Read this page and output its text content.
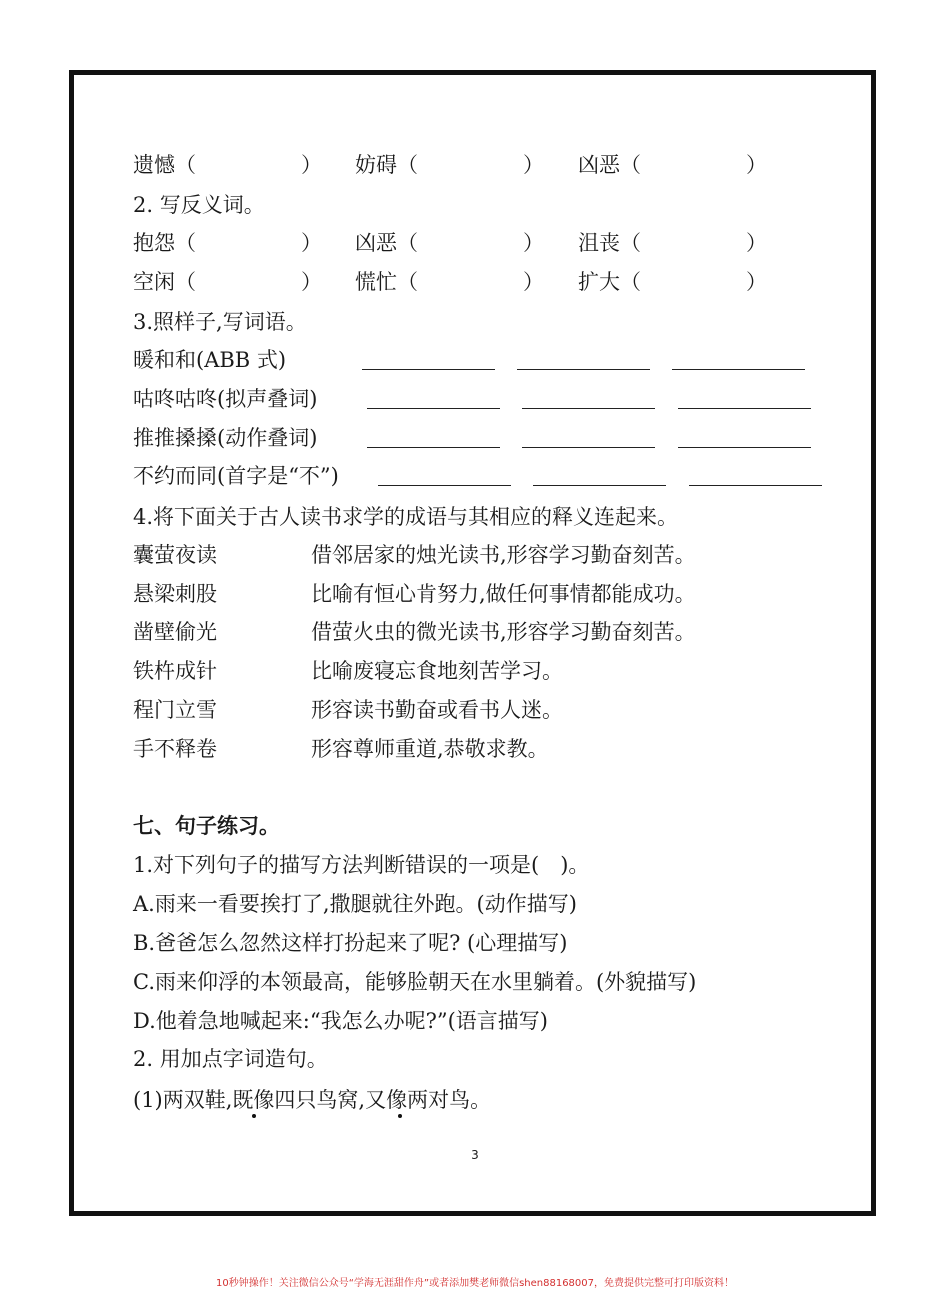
遗憾（　　　　　） 妨碍（　　　　　） 凶恶（　　　　　）
2. 写反义词。
抱怨（　　　　　） 凶恶（　　　　　） 沮丧（　　　　　）
空闲（　　　　　） 慌忙（　　　　　） 扩大（　　　　　）
3.照样子,写词语。
暖和和(ABB 式)
咕咚咕咚(拟声叠词)
推推搡搡(动作叠词)
不约而同(首字是“不”)
4.将下面关于古人读书求学的成语与其相应的释义连起来。
囊萤夜读	借邻居家的烛光读书,形容学习勤奋刻苦。
悬梁刺股	比喻有恒心肯努力,做任何事情都能成功。
凿壁偷光	借萤火虫的微光读书,形容学习勤奋刻苦。
铁杵成针	比喻废寝忘食地刻苦学习。
程门立雪	形容读书勤奋或看书人迷。
手不释卷	形容尊师重道,恭敬求教。
七、句子练习。
1.对下列句子的描写方法判断错误的一项是(　)。
A.雨来一看要挨打了,撒腿就往外跑。(动作描写)
B.爸爸怎么忽然这样打扮起来了呢? (心理描写)
C.雨来仰浮的本领最高，能够脸朝天在水里躺着。(外貌描写)
D.他着急地喊起来:“我怎么办呢?”(语言描写)
2. 用加点字词造句。
(1)两双鞋,既像四只鸟窝,又像两对鸟。
3
10秒钟操作！关注微信公众号“学海无涯甜作舟”或者添加樊老师微信shen88168007，免费提供完整可打印版资料！
